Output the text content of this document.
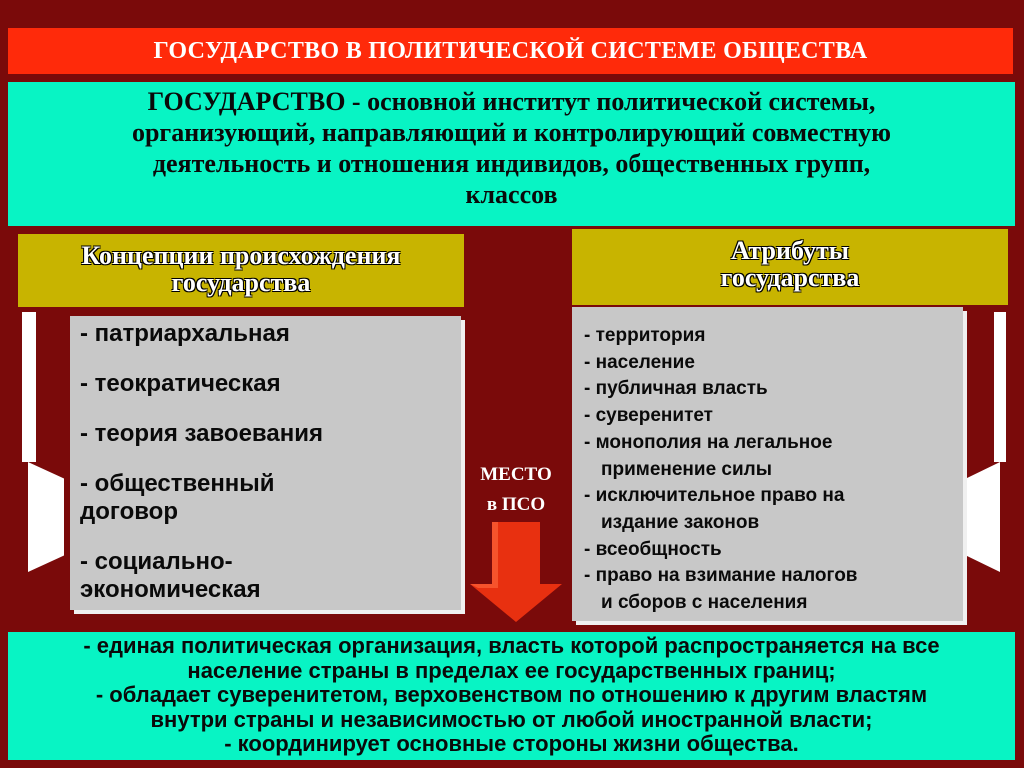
ГОСУДАРСТВО В ПОЛИТИЧЕСКОЙ СИСТЕМЕ ОБЩЕСТВА
ГОСУДАРСТВО - основной институт политической системы,
организующий, направляющий и контролирующий совместную
деятельность и отношения индивидов, общественных групп,
классов
Концепции происхождения
государства
Атрибуты
государства
- патриархальная
- теократическая
- теория завоевания
- общественный
договор
- социально-
экономическая
- территория
- население
- публичная власть
- суверенитет
- монополия на легальное
применение силы
- исключительное право на
издание законов
- всеобщность
- право на взимание налогов
и сборов с населения
МЕСТО
в ПСО
- единая политическая организация, власть которой распространяется на все
население страны в пределах ее государственных границ;
- обладает суверенитетом, верховенством по отношению к другим властям
внутри страны и независимостью от любой иностранной власти;
- координирует основные стороны жизни общества.
